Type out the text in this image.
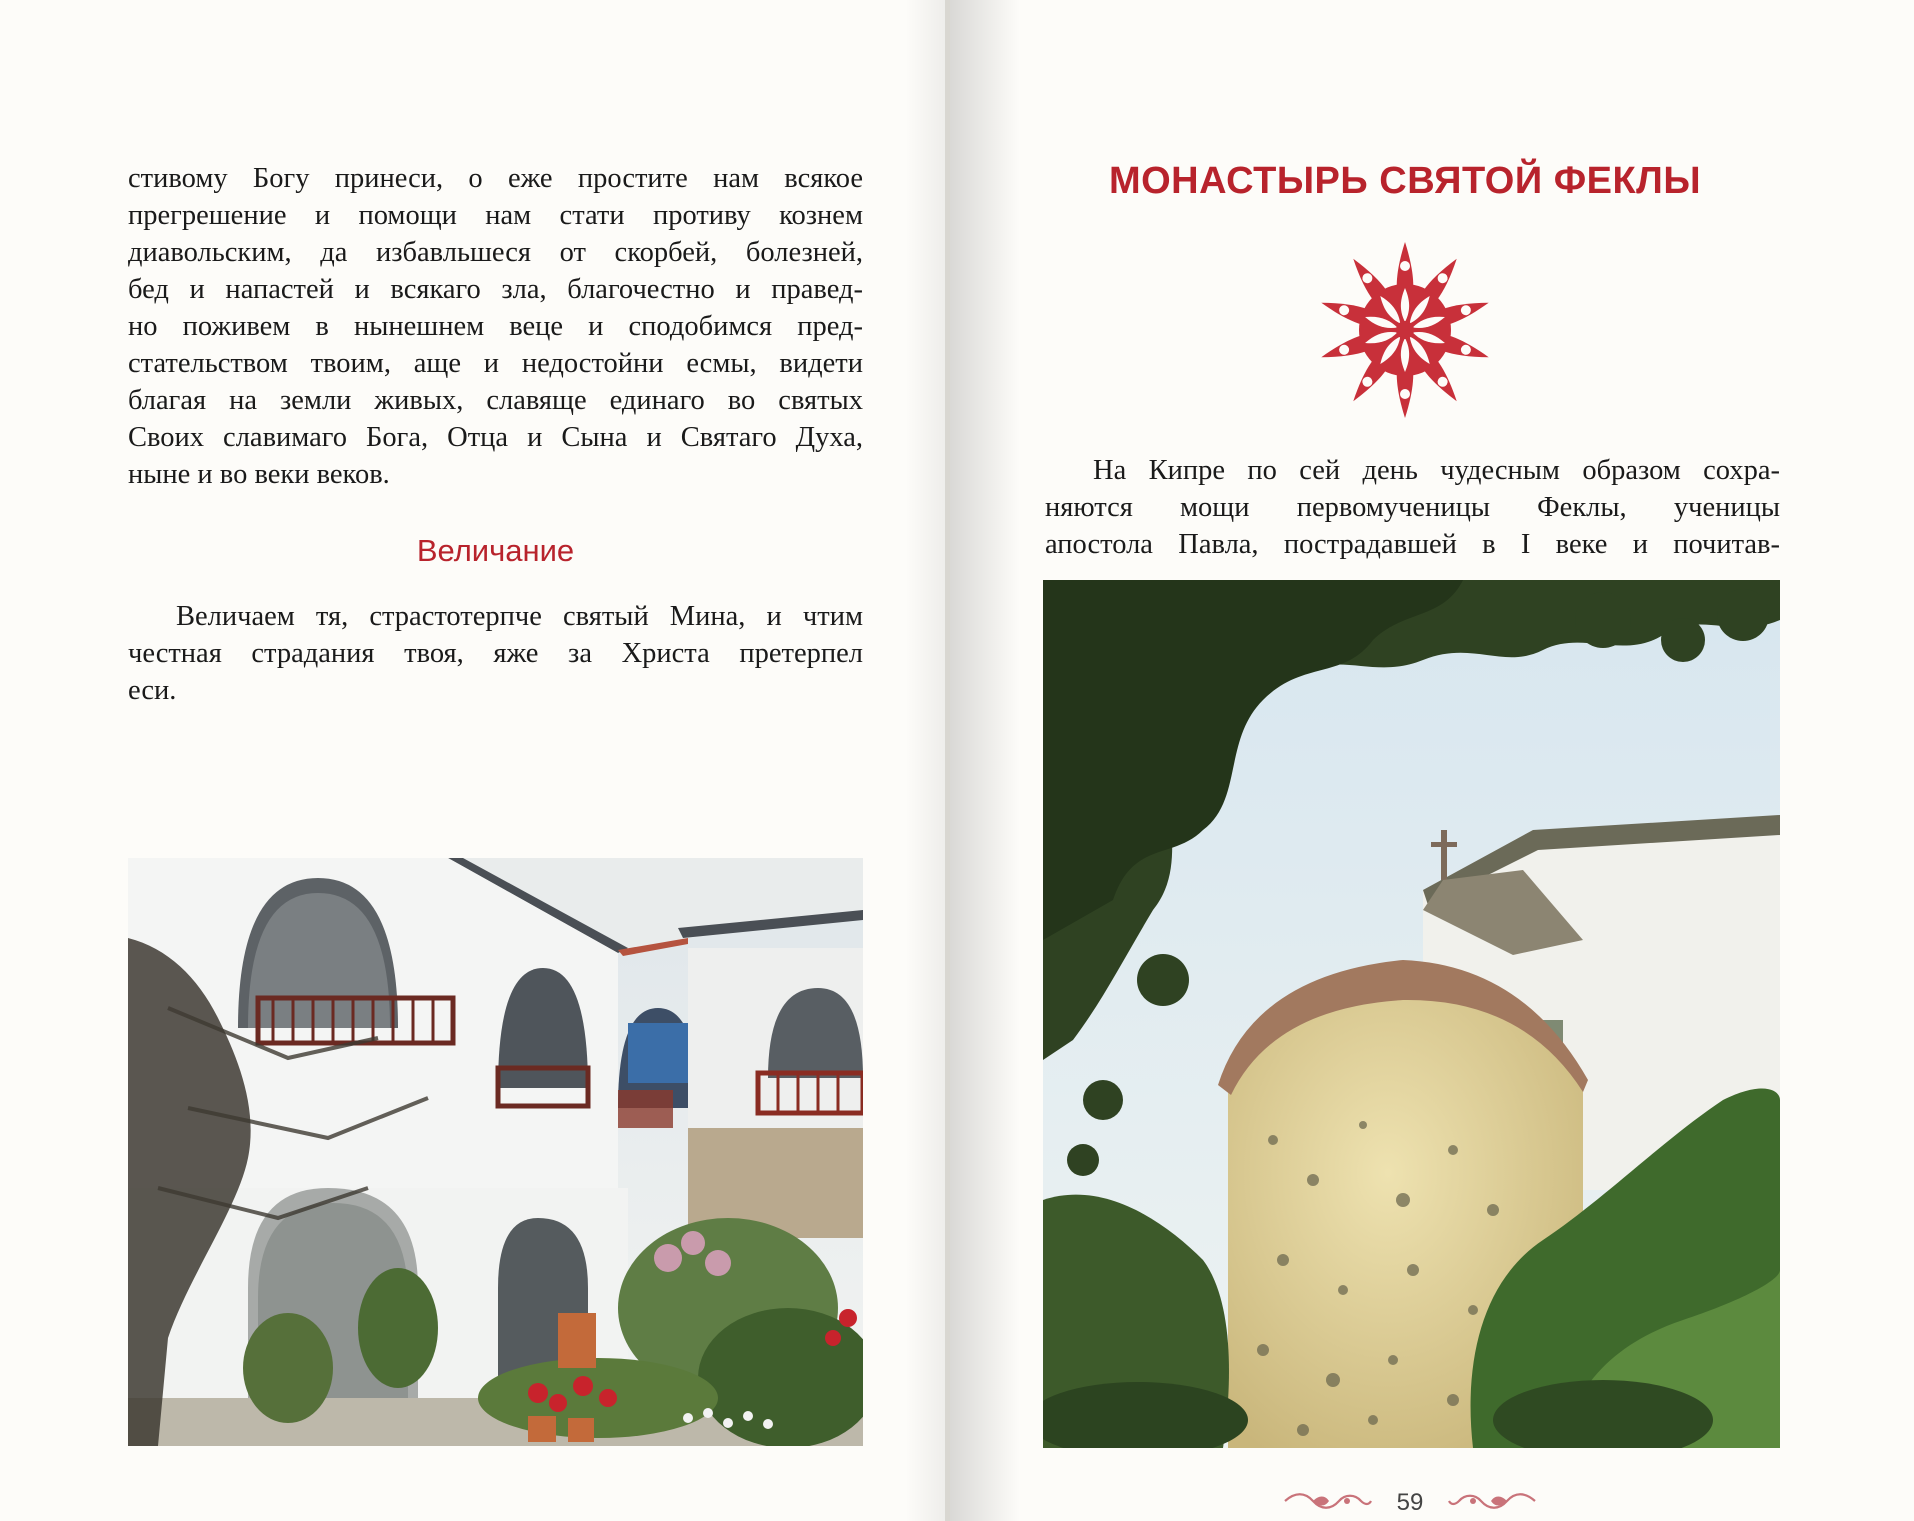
стивому Богу принеси, о еже простите нам всякое
прегрешение и помощи нам стати противу кознем
диавольским, да избавльшеся от скорбей, болезней,
бед и напастей и всякаго зла, благочестно и правед-
но поживем в нынешнем веце и сподобимся пред-
стательством твоим, аще и недостойни есмы, видети
благая на земли живых, славяще единаго во святых
Своих славимаго Бога, Отца и Сына и Святаго Духа,
ныне и во веки веков.

Величание

Величаем тя, страстотерпче святый Мина, и чтим
честная страдания твоя, яже за Христа претерпел
еси.

МОНАСТЫРЬ СВЯТОЙ ФЕКЛЫ

На Кипре по сей день чудесным образом сохра-
няются мощи первомученицы Феклы, ученицы
апостола Павла, пострадавшей в I веке и почитав-

59
